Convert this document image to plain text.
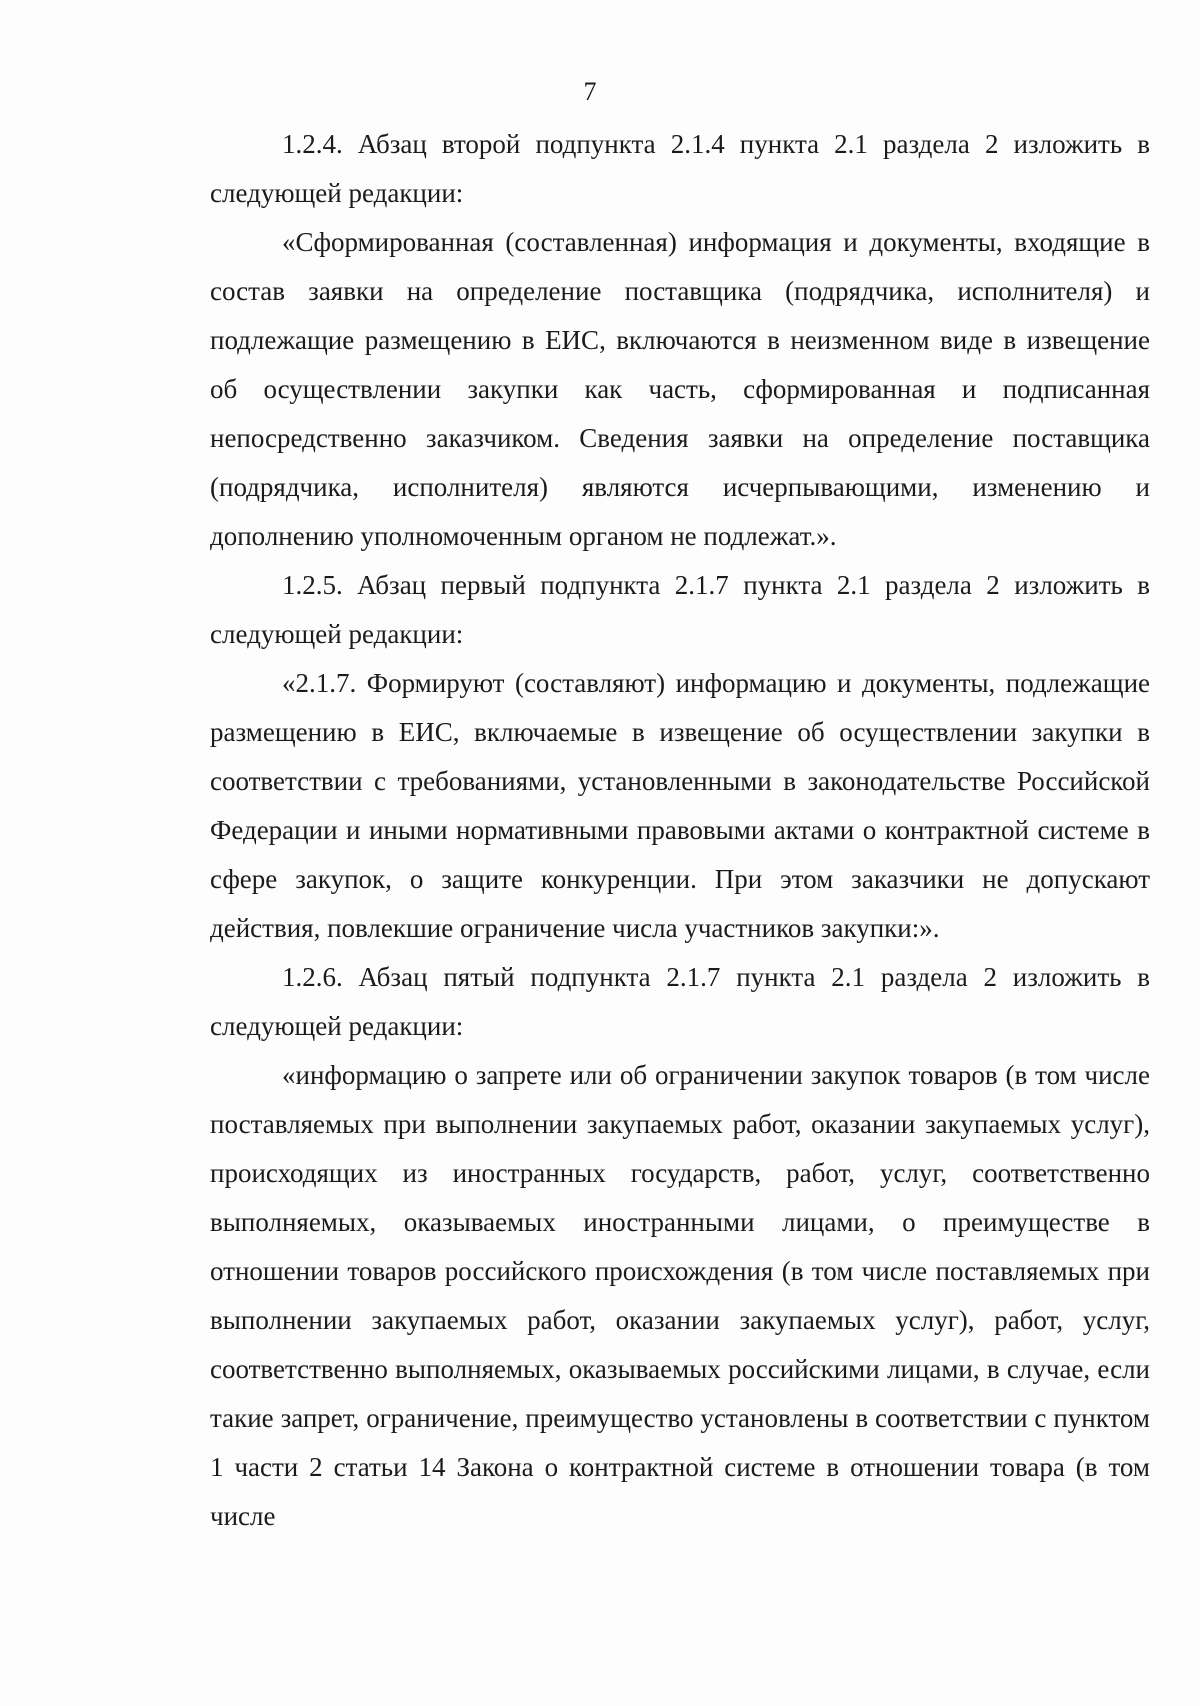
7

1.2.4. Абзац второй подпункта 2.1.4 пункта 2.1 раздела 2 изложить в следующей редакции:

«Сформированная (составленная) информация и документы, входящие в состав заявки на определение поставщика (подрядчика, исполнителя) и подлежащие размещению в ЕИС, включаются в неизменном виде в извещение об осуществлении закупки как часть, сформированная и подписанная непосредственно заказчиком. Сведения заявки на определение поставщика (подрядчика, исполнителя) являются исчерпывающими, изменению и дополнению уполномоченным органом не подлежат.».

1.2.5. Абзац первый подпункта 2.1.7 пункта 2.1 раздела 2 изложить в следующей редакции:

«2.1.7. Формируют (составляют) информацию и документы, подлежащие размещению в ЕИС, включаемые в извещение об осуществлении закупки в соответствии с требованиями, установленными в законодательстве Российской Федерации и иными нормативными правовыми актами о контрактной системе в сфере закупок, о защите конкуренции. При этом заказчики не допускают действия, повлекшие ограничение числа участников закупки:».

1.2.6. Абзац пятый подпункта 2.1.7 пункта 2.1 раздела 2 изложить в следующей редакции:

«информацию о запрете или об ограничении закупок товаров (в том числе поставляемых при выполнении закупаемых работ, оказании закупаемых услуг), происходящих из иностранных государств, работ, услуг, соответственно выполняемых, оказываемых иностранными лицами, о преимуществе в отношении товаров российского происхождения (в том числе поставляемых при выполнении закупаемых работ, оказании закупаемых услуг), работ, услуг, соответственно выполняемых, оказываемых российскими лицами, в случае, если такие запрет, ограничение, преимущество установлены в соответствии с пунктом 1 части 2 статьи 14 Закона о контрактной системе в отношении товара (в том числе
